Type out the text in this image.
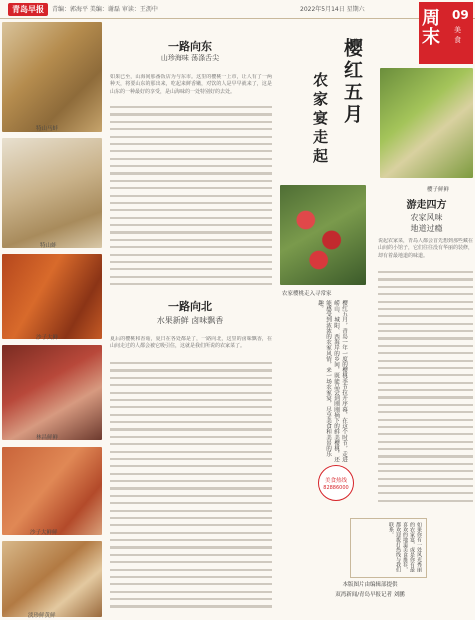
青岛早报	青编：郭海平 美编：谢磊 审读：王沥中	2022年5月14日 星期六	周末
09
美食
特山马蚌
特山蚌
沙子大鲜
林昌鲜鲜
沙子大鲜鲜
淡珍鲜黄鲜
一路向东
山珍海味 荡涤舌尖
如果已至，山海间那番饭店为与东市。这里的樱桃一上市，让人有了一两种天，将要山东的那出来，吃起来鲜香嫩，对饮的人是早早就来了，这是山东的一种最好的享受，是山海味的一处特别好的去处。
一路向北
水果新鲜 卤味飘香
夏后的樱桃和香菇，夏日在各处都是了，一路向北，这里的卤味飘香，在山间走过的人都会被它吸引住，这就是我们所说的农家菜了。
樱红五月
农家宴走起
农家樱桃走入寻常家
樱红五月，青岛一年一度的樱桃季节拉开序幕，在这个时节，走进崂山、城阳、西海岸的乡间，既能品尝到刚刚摘下的鲜美樱桃，还能感受到浓浓的农家风情，来一场农家宴，尽享美食和美景的乐趣。
美食热线
82886000
如果你有一处风光秀丽的农家宴，或是你有最喜欢的地道美食推荐，都欢迎拨打热线与我们联系。
樱子鲜鲜
游走四方
农家风味
地道过瘾
说起农家菜，青岛人都会首先想到那些藏在山间的小馆子，它们往往没有华丽的装修，却有着最地道的味道。
本版图片由编辑部提供
双湾新闻/青岛早报记者 刘鹏
